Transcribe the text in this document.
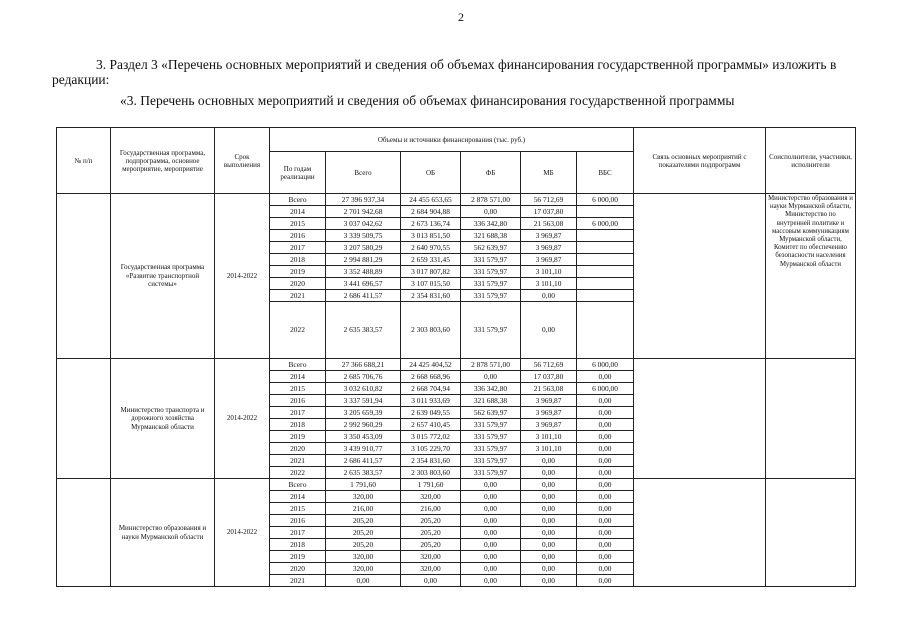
2
3. Раздел 3 «Перечень основных мероприятий и сведения об объемах финансирования государственной программы» изложить в редакции:
«3. Перечень основных мероприятий и сведения об объемах финансирования государственной программы
№ п/п	Государственная программа, подпрограмма, основное мероприятие, мероприятие	Срок выполнения	Объемы и источники финансирования (тыс. руб.)						Связь основных мероприятий с показателями подпрограмм	Соисполнители, участники, исполнители
			По годам реализации	Всего	ОБ	ФБ	МБ	ВБС		
	Государственная программа «Развитие транспортной системы»	2014-2022	Всего	27 396 937,34	24 455 653,65	2 878 571,00	56 712,69	6 000,00		Министерство образования и науки Мурманской области, Министерство по внутренней политике и массовым коммуникациям Мурманской области, Комитет по обеспечению безопасности населения Мурманской области
			2014	2 701 942,68	2 684 904,88	0,00	17 037,80			
			2015	3 037 042,62	2 673 136,74	336 342,80	21 563,08	6 000,00		
			2016	3 339 509,75	3 013 851,50	321 688,38	3 969,87			
			2017	3 207 580,29	2 640 970,55	562 639,97	3 969,87			
			2018	2 994 881,29	2 659 331,45	331 579,97	3 969,87			
			2019	3 352 488,89	3 017 807,82	331 579,97	3 101,10			
			2020	3 441 696,57	3 107 015,50	331 579,97	3 101,10			
			2021	2 686 411,57	2 354 831,60	331 579,97	0,00			
			2022	2 635 383,57	2 303 803,60	331 579,97	0,00			
	Министерство транспорта и дорожного хозяйства Мурманской области	2014-2022	Всего	27 366 688,21	24 425 404,52	2 878 571,00	56 712,69	6 000,00		
			2014	2 685 706,76	2 668 668,96	0,00	17 037,80	0,00		
			2015	3 032 610,82	2 668 704,94	336 342,80	21 563,08	6 000,00		
			2016	3 337 591,94	3 011 933,69	321 688,38	3 969,87	0,00		
			2017	3 205 659,39	2 639 049,55	562 639,97	3 969,87	0,00		
			2018	2 992 960,29	2 657 410,45	331 579,97	3 969,87	0,00		
			2019	3 350 453,09	3 015 772,02	331 579,97	3 101,10	0,00		
			2020	3 439 910,77	3 105 229,70	331 579,97	3 101,10	0,00		
			2021	2 686 411,57	2 354 831,60	331 579,97	0,00	0,00		
			2022	2 635 383,57	2 303 803,60	331 579,97	0,00	0,00		
	Министерство образования и науки Мурманской области	2014-2022	Всего	1 791,60	1 791,60	0,00	0,00	0,00		
			2014	320,00	320,00	0,00	0,00	0,00		
			2015	216,00	216,00	0,00	0,00	0,00		
			2016	205,20	205,20	0,00	0,00	0,00		
			2017	205,20	205,20	0,00	0,00	0,00		
			2018	205,20	205,20	0,00	0,00	0,00		
			2019	320,00	320,00	0,00	0,00	0,00		
			2020	320,00	320,00	0,00	0,00	0,00		
			2021	0,00	0,00	0,00	0,00	0,00		
